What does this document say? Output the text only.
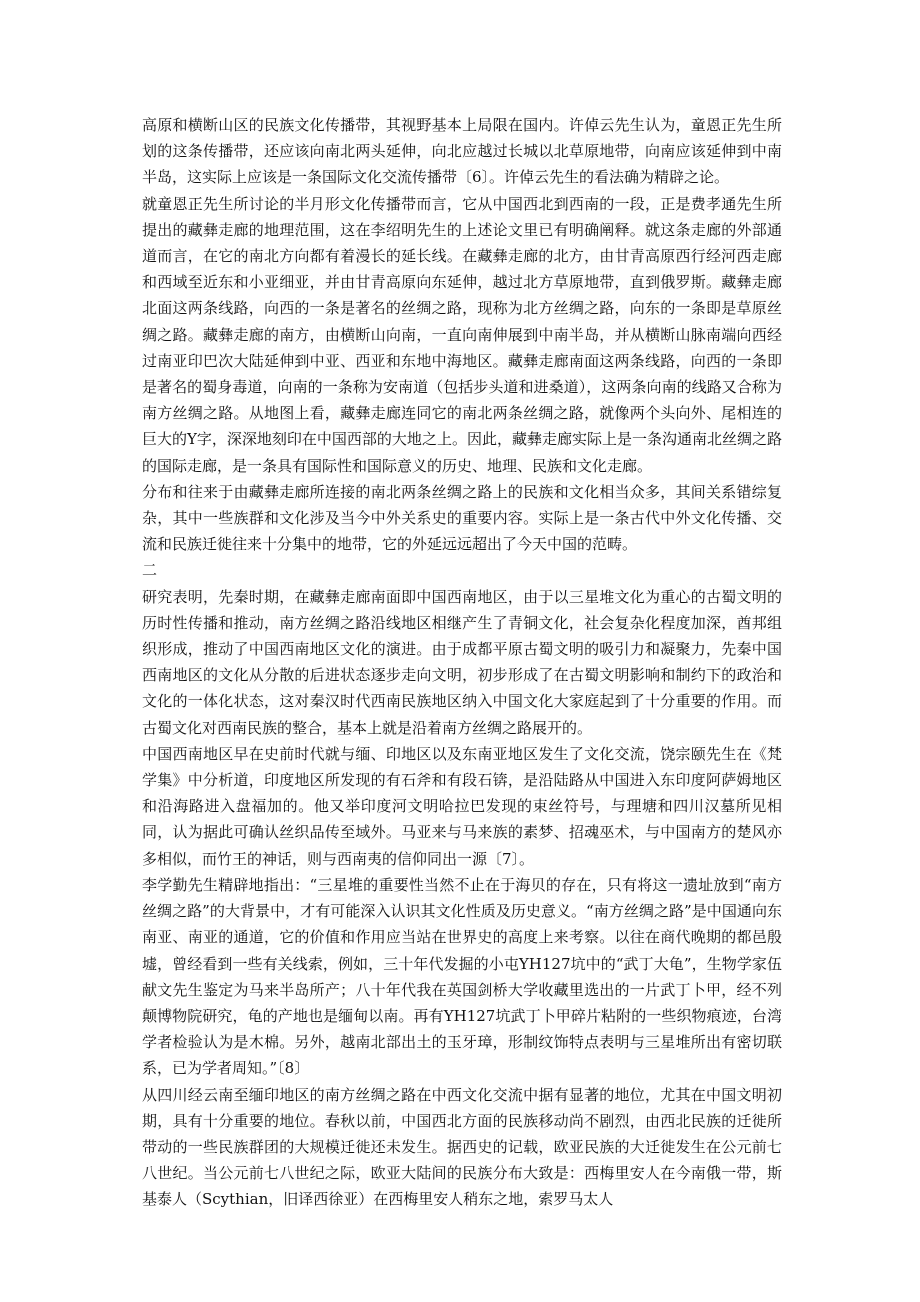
高原和横断山区的民族文化传播带，其视野基本上局限在国内。许倬云先生认为，童恩正先生所划的这条传播带，还应该向南北两头延伸，向北应越过长城以北草原地带，向南应该延伸到中南半岛，这实际上应该是一条国际文化交流传播带〔6〕。许倬云先生的看法确为精辟之论。

就童恩正先生所讨论的半月形文化传播带而言，它从中国西北到西南的一段，正是费孝通先生所提出的藏彝走廊的地理范围，这在李绍明先生的上述论文里已有明确阐释。就这条走廊的外部通道而言，在它的南北方向都有着漫长的延长线。在藏彝走廊的北方，由甘青高原西行经河西走廊和西域至近东和小亚细亚，并由甘青高原向东延伸，越过北方草原地带，直到俄罗斯。藏彝走廊北面这两条线路，向西的一条是著名的丝绸之路，现称为北方丝绸之路，向东的一条即是草原丝绸之路。藏彝走廊的南方，由横断山向南，一直向南伸展到中南半岛，并从横断山脉南端向西经过南亚印巴次大陆延伸到中亚、西亚和东地中海地区。藏彝走廊南面这两条线路，向西的一条即是著名的蜀身毒道，向南的一条称为安南道（包括步头道和进桑道），这两条向南的线路又合称为南方丝绸之路。从地图上看，藏彝走廊连同它的南北两条丝绸之路，就像两个头向外、尾相连的巨大的Y字，深深地刻印在中国西部的大地之上。因此，藏彝走廊实际上是一条沟通南北丝绸之路的国际走廊，是一条具有国际性和国际意义的历史、地理、民族和文化走廊。

分布和往来于由藏彝走廊所连接的南北两条丝绸之路上的民族和文化相当众多，其间关系错综复杂，其中一些族群和文化涉及当今中外关系史的重要内容。实际上是一条古代中外文化传播、交流和民族迁徙往来十分集中的地带，它的外延远远超出了今天中国的范畴。

二

研究表明，先秦时期，在藏彝走廊南面即中国西南地区，由于以三星堆文化为重心的古蜀文明的历时性传播和推动，南方丝绸之路沿线地区相继产生了青铜文化，社会复杂化程度加深，酋邦组织形成，推动了中国西南地区文化的演进。由于成都平原古蜀文明的吸引力和凝聚力，先秦中国西南地区的文化从分散的后进状态逐步走向文明，初步形成了在古蜀文明影响和制约下的政治和文化的一体化状态，这对秦汉时代西南民族地区纳入中国文化大家庭起到了十分重要的作用。而古蜀文化对西南民族的整合，基本上就是沿着南方丝绸之路展开的。

中国西南地区早在史前时代就与缅、印地区以及东南亚地区发生了文化交流，饶宗颐先生在《梵学集》中分析道，印度地区所发现的有石斧和有段石锛，是沿陆路从中国进入东印度阿萨姆地区和沿海路进入盘福加的。他又举印度河文明哈拉巴发现的束丝符号，与理塘和四川汉墓所见相同，认为据此可确认丝织品传至域外。马亚来与马来族的素梦、招魂巫术，与中国南方的楚风亦多相似，而竹王的神话，则与西南夷的信仰同出一源〔7〕。

李学勤先生精辟地指出：“三星堆的重要性当然不止在于海贝的存在，只有将这一遗址放到“南方丝绸之路”的大背景中，才有可能深入认识其文化性质及历史意义。“南方丝绸之路”是中国通向东南亚、南亚的通道，它的价值和作用应当站在世界史的高度上来考察。以往在商代晚期的都邑殷墟，曾经看到一些有关线索，例如，三十年代发掘的小屯YH127坑中的“武丁大龟”，生物学家伍献文先生鉴定为马来半岛所产；八十年代我在英国剑桥大学收藏里选出的一片武丁卜甲，经不列颠博物院研究，龟的产地也是缅甸以南。再有YH127坑武丁卜甲碎片粘附的一些织物痕迹，台湾学者检验认为是木棉。另外，越南北部出土的玉牙璋，形制纹饰特点表明与三星堆所出有密切联系，已为学者周知。”〔8〕

从四川经云南至缅印地区的南方丝绸之路在中西文化交流中据有显著的地位，尤其在中国文明初期，具有十分重要的地位。春秋以前，中国西北方面的民族移动尚不剧烈，由西北民族的迁徙所带动的一些民族群团的大规模迁徙还未发生。据西史的记载，欧亚民族的大迁徙发生在公元前七八世纪。当公元前七八世纪之际，欧亚大陆间的民族分布大致是：西梅里安人在今南俄一带，斯基泰人（Scythian，旧译西徐亚）在西梅里安人稍东之地，索罗马太人
